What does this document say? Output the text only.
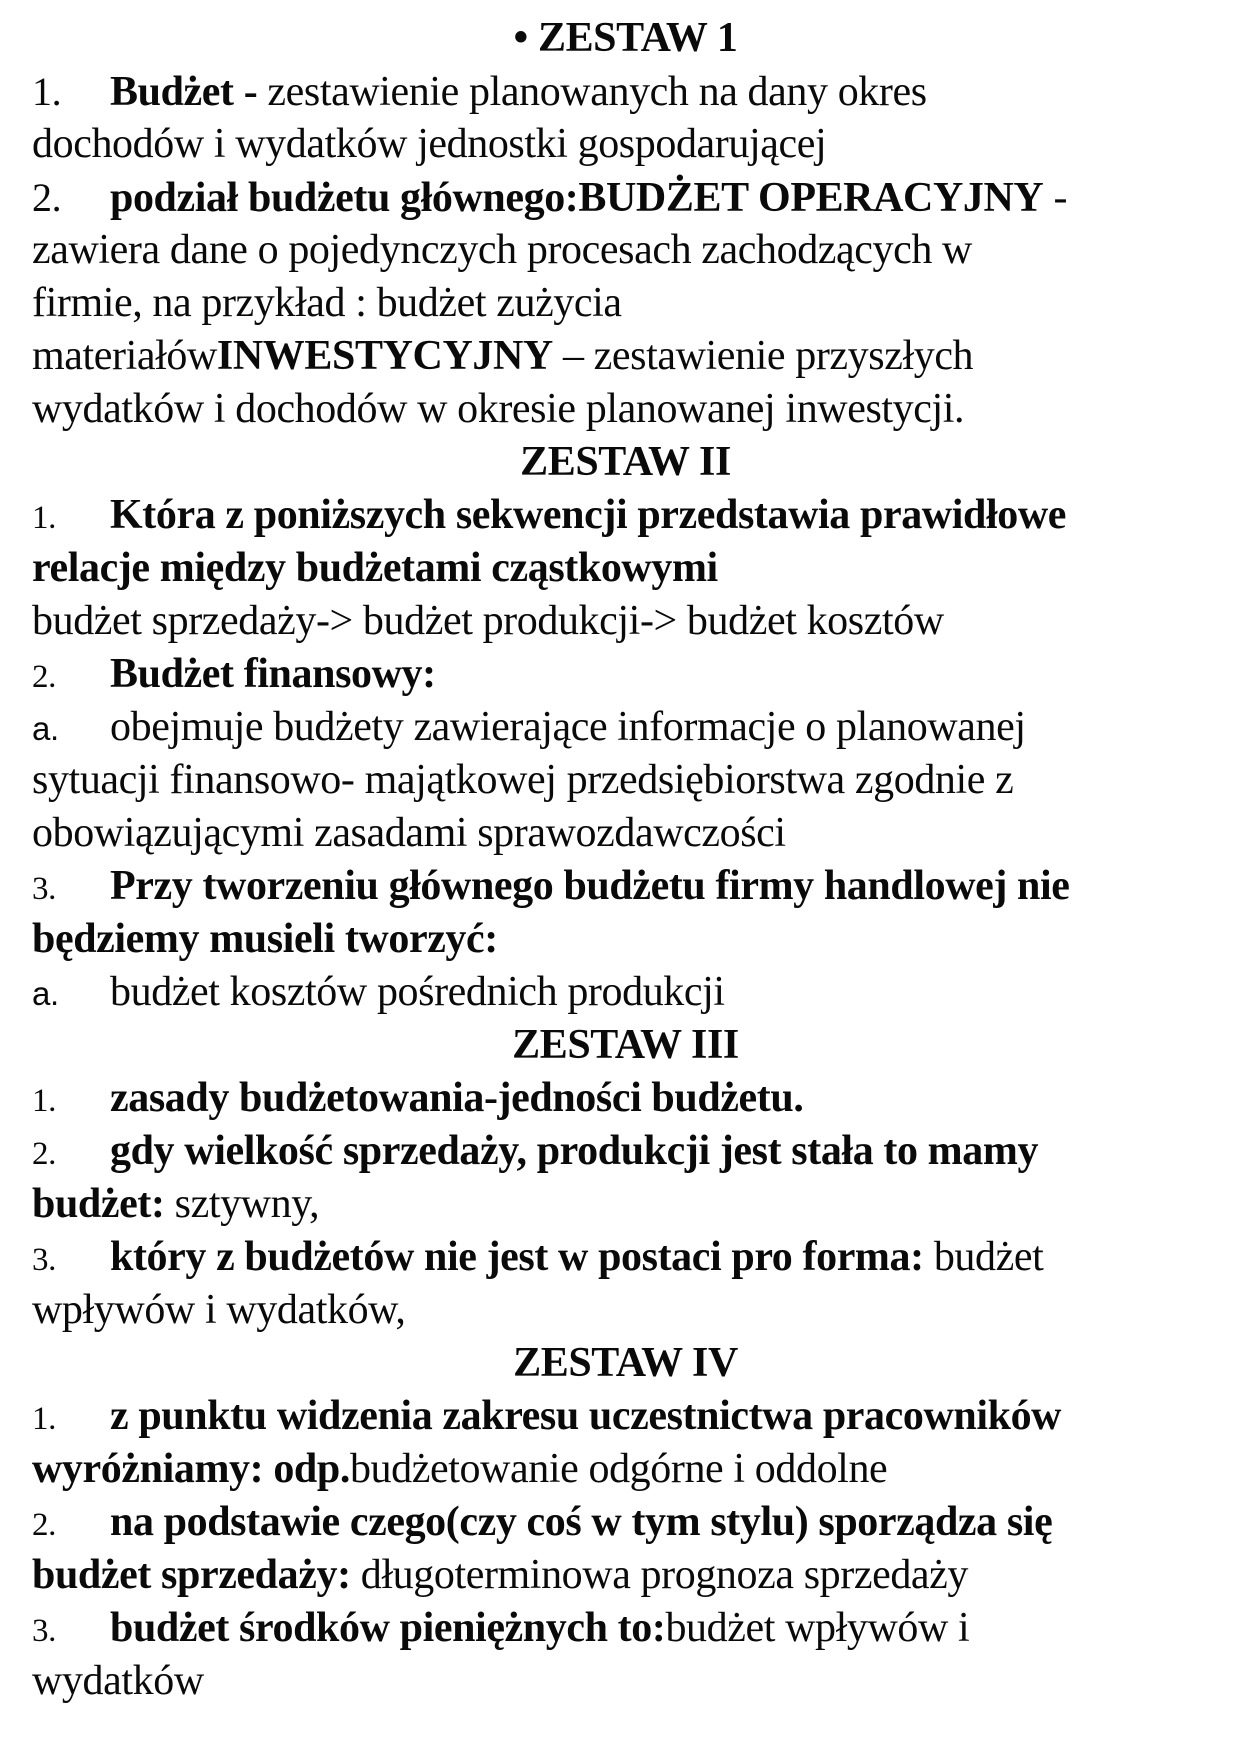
• ZESTAW 1
1. Budżet - zestawienie planowanych na dany okres
dochodów i wydatków jednostki gospodarującej
2. podział budżetu głównego:BUDŻET OPERACYJNY -
zawiera dane o pojedynczych procesach zachodzących w
firmie, na przykład : budżet zużycia
materiałówINWESTYCYJNY – zestawienie przyszłych
wydatków i dochodów w okresie planowanej inwestycji.
ZESTAW II
1. Która z poniższych sekwencji przedstawia prawidłowe
relacje między budżetami cząstkowymi
budżet sprzedaży-> budżet produkcji-> budżet kosztów
2. Budżet finansowy:
a. obejmuje budżety zawierające informacje o planowanej
sytuacji finansowo- majątkowej przedsiębiorstwa zgodnie z
obowiązującymi zasadami sprawozdawczości
3. Przy tworzeniu głównego budżetu firmy handlowej nie
będziemy musieli tworzyć:
a. budżet kosztów pośrednich produkcji
ZESTAW III
1. zasady budżetowania-jedności budżetu.
2. gdy wielkość sprzedaży, produkcji jest stała to mamy
budżet: sztywny,
3. który z budżetów nie jest w postaci pro forma: budżet
wpływów i wydatków,
ZESTAW IV
1. z punktu widzenia zakresu uczestnictwa pracowników
wyróżniamy: odp.budżetowanie odgórne i oddolne
2. na podstawie czego(czy coś w tym stylu) sporządza się
budżet sprzedaży: długoterminowa prognoza sprzedaży
3. budżet środków pieniężnych to:budżet wpływów i
wydatków
